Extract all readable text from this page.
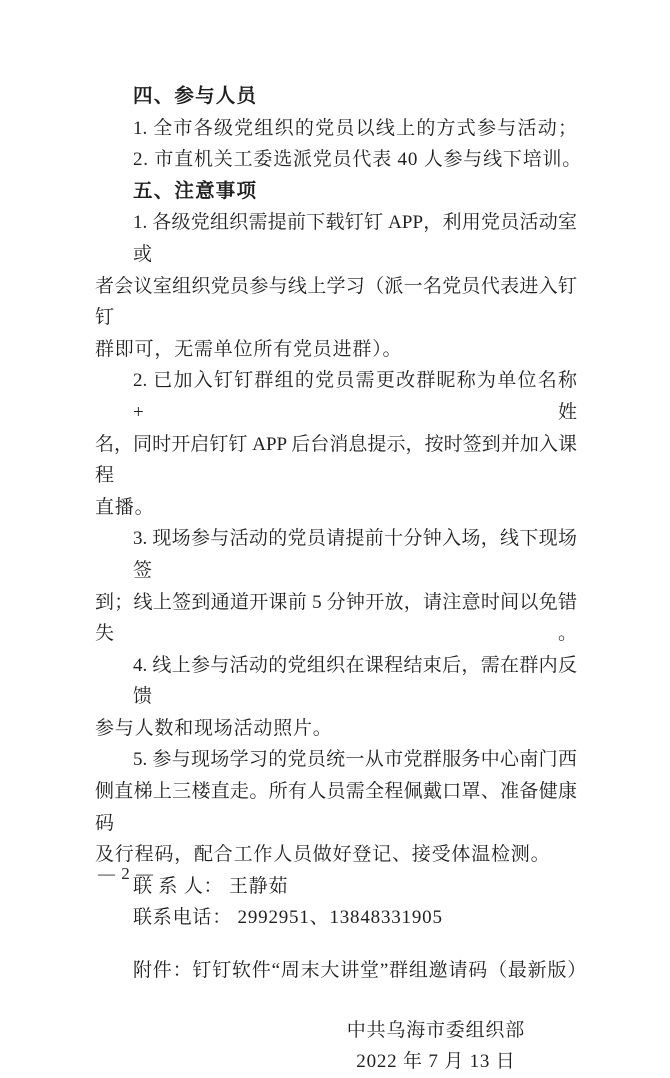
四、参与人员
1. 全市各级党组织的党员以线上的方式参与活动；
2. 市直机关工委选派党员代表 40 人参与线下培训。
五、注意事项
1. 各级党组织需提前下载钉钉 APP，利用党员活动室或
者会议室组织党员参与线上学习（派一名党员代表进入钉钉
群即可，无需单位所有党员进群）。
2. 已加入钉钉群组的党员需更改群昵称为单位名称+姓
名，同时开启钉钉 APP 后台消息提示，按时签到并加入课程
直播。
3. 现场参与活动的党员请提前十分钟入场，线下现场签
到；线上签到通道开课前 5 分钟开放，请注意时间以免错失。
4. 线上参与活动的党组织在课程结束后，需在群内反馈
参与人数和现场活动照片。
5. 参与现场学习的党员统一从市党群服务中心南门西
侧直梯上三楼直走。所有人员需全程佩戴口罩、准备健康码
及行程码，配合工作人员做好登记、接受体温检测。
联 系 人： 王静茹
联系电话： 2992951、13848331905
附件：钉钉软件“周末大讲堂”群组邀请码（最新版）
中共乌海市委组织部
2022 年 7 月 13 日
— 2 —
